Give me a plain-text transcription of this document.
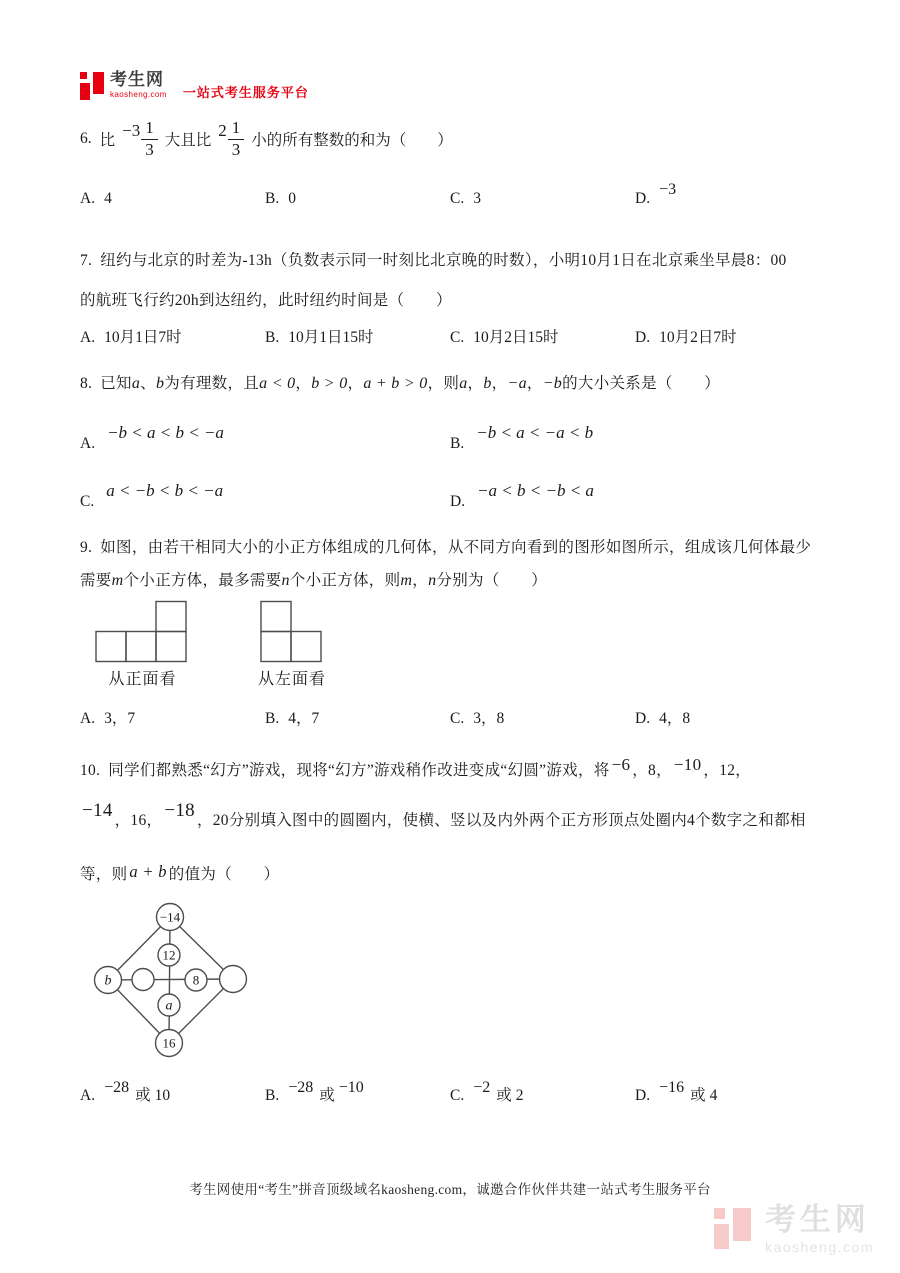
考生网
kaosheng.com 一站式考生服务平台
6. 比
$-3 \frac{1}{3}$ 大且比
$2 \frac{1}{3}$ 小的所有整数的和为（　　）
A. 4	B. 0	C. 3	D.−3
7. 纽约与北京的时差为-13h（负数表示同一时刻比北京晚的时数），小明10月1日在北京乘坐早晨8：00
的航班飞行约20h到达纽约，此时纽约时间是（　　）
A. 10月1日7时	B. 10月1日15时	C. 10月2日15时	D. 10月2日7时
8. 已知a、b为有理数，且a < 0，b > 0，a + b > 0，则a，b，−a，−b的大小关系是（　　）
A.
−b < a < b < −a
B.
−b < a < −a < b
C.
a < −b < b < −a
D.
−a < b < −b < a
9. 如图，由若干相同大小的小正方体组成的几何体，从不同方向看到的图形如图所示，组成该几何体最少
需要m个小正方体，最多需要n个小正方体，则m，n分别为（　　）
从正面看	从左面看
A. 3，7	B. 4，7	C. 3，8	D. 4，8
10. 同学们都熟悉“幻方”游戏，现将“幻方”游戏稍作改进变成“幻圆”游戏，将 −6 ，8， −10 ，12，
−14 ，16， −18 ，20分别填入图中的圆圈内，使横、竖以及内外两个正方形顶点处圈内4个数字之和都相
等，则 a + b 的值为（　　）
−14
12
b	8
a
16
A. −28 或 10	B. −28 或 −10	C. −2 或 2	D. −16 或 4
考生网使用“考生”拼音顶级域名kaosheng.com，诚邀合作伙伴共建一站式考生服务平台
考生网
kaosheng.com
